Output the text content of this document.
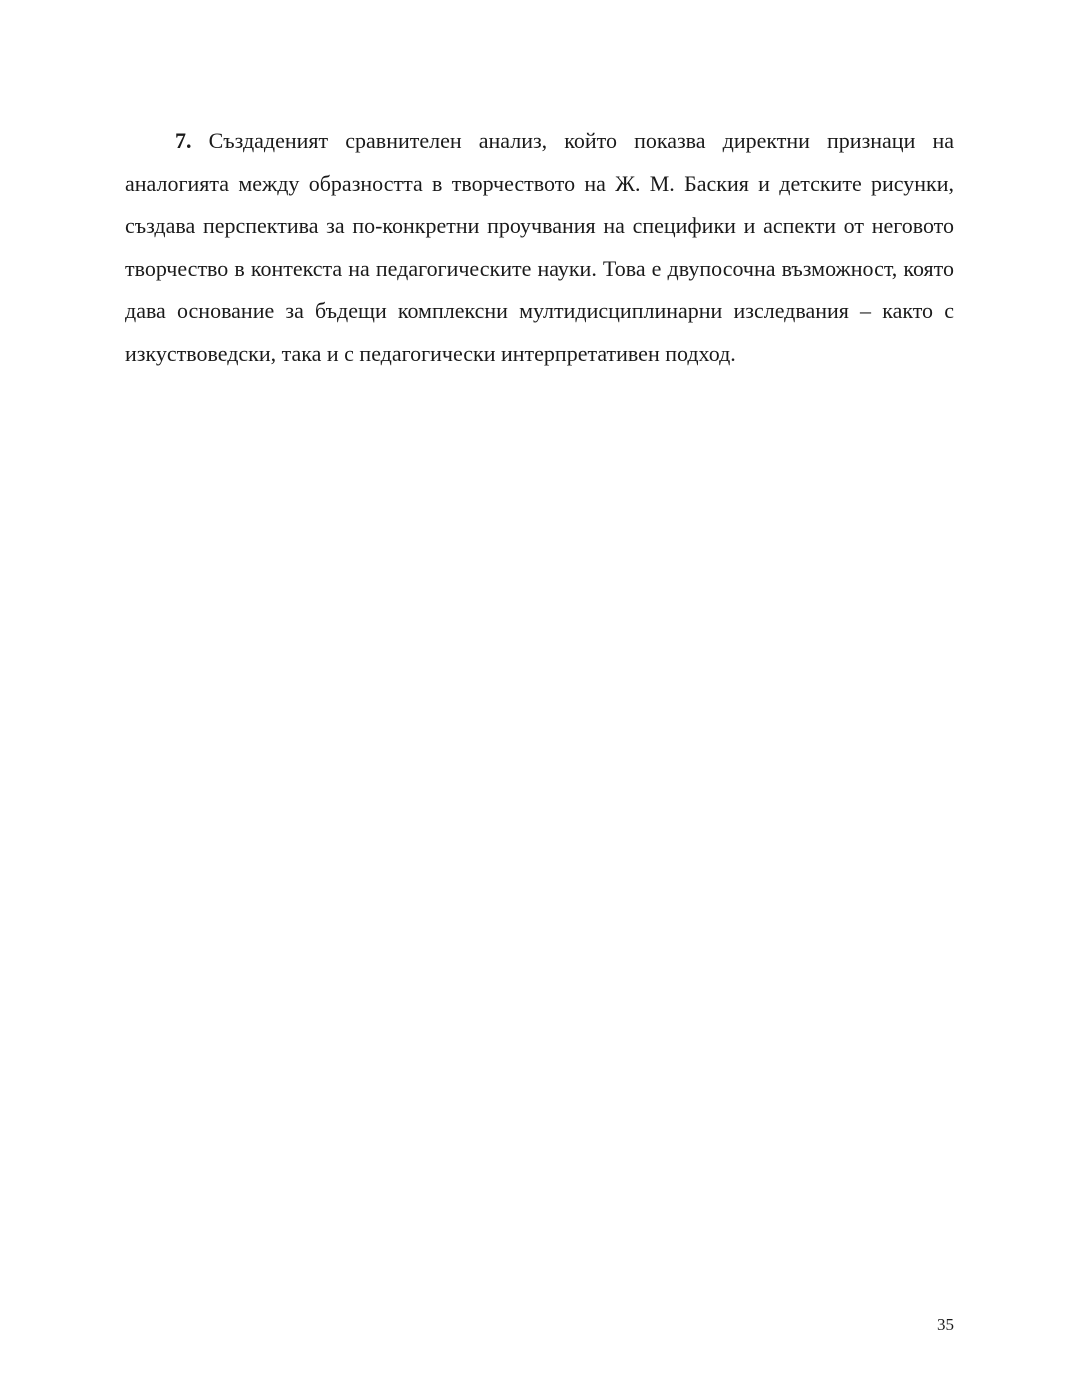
7. Създаденият сравнителен анализ, който показва директни признаци на аналогията между образността в творчеството на Ж. М. Баския и детските рисунки, създава перспектива за по-конкретни проучвания на специфики и аспекти от неговото творчество в контекста на педагогическите науки. Това е двупосочна възможност, която дава основание за бъдещи комплексни мултидисциплинарни изследвания – както с изкуствоведски, така и с педагогически интерпретативен подход.

35
